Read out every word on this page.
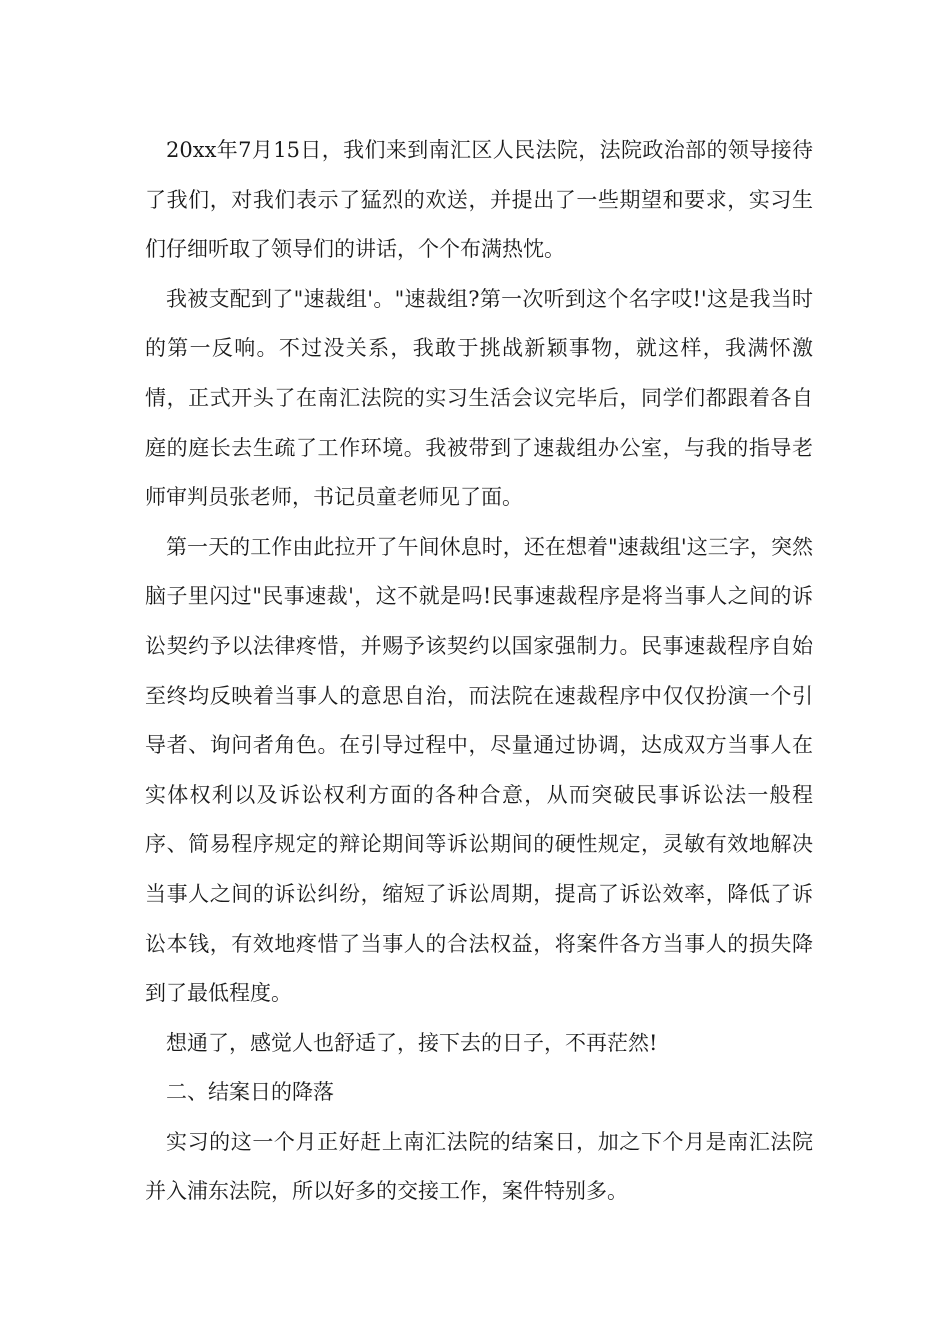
20xx年7月15日，我们来到南汇区人民法院，法院政治部的领导接待了我们，对我们表示了猛烈的欢送，并提出了一些期望和要求，实习生们仔细听取了领导们的讲话，个个布满热忱。

我被支配到了"速裁组'。"速裁组?第一次听到这个名字哎!'这是我当时的第一反响。不过没关系，我敢于挑战新颖事物，就这样，我满怀激情，正式开头了在南汇法院的实习生活会议完毕后，同学们都跟着各自庭的庭长去生疏了工作环境。我被带到了速裁组办公室，与我的指导老师审判员张老师，书记员童老师见了面。

第一天的工作由此拉开了午间休息时，还在想着"速裁组'这三字，突然脑子里闪过"民事速裁'，这不就是吗!民事速裁程序是将当事人之间的诉讼契约予以法律疼惜，并赐予该契约以国家强制力。民事速裁程序自始至终均反映着当事人的意思自治，而法院在速裁程序中仅仅扮演一个引导者、询问者角色。在引导过程中，尽量通过协调，达成双方当事人在实体权利以及诉讼权利方面的各种合意，从而突破民事诉讼法一般程序、简易程序规定的辩论期间等诉讼期间的硬性规定，灵敏有效地解决当事人之间的诉讼纠纷，缩短了诉讼周期，提高了诉讼效率，降低了诉讼本钱，有效地疼惜了当事人的合法权益，将案件各方当事人的损失降到了最低程度。

想通了，感觉人也舒适了，接下去的日子，不再茫然!

二、结案日的降落

实习的这一个月正好赶上南汇法院的结案日，加之下个月是南汇法院并入浦东法院，所以好多的交接工作，案件特别多。
